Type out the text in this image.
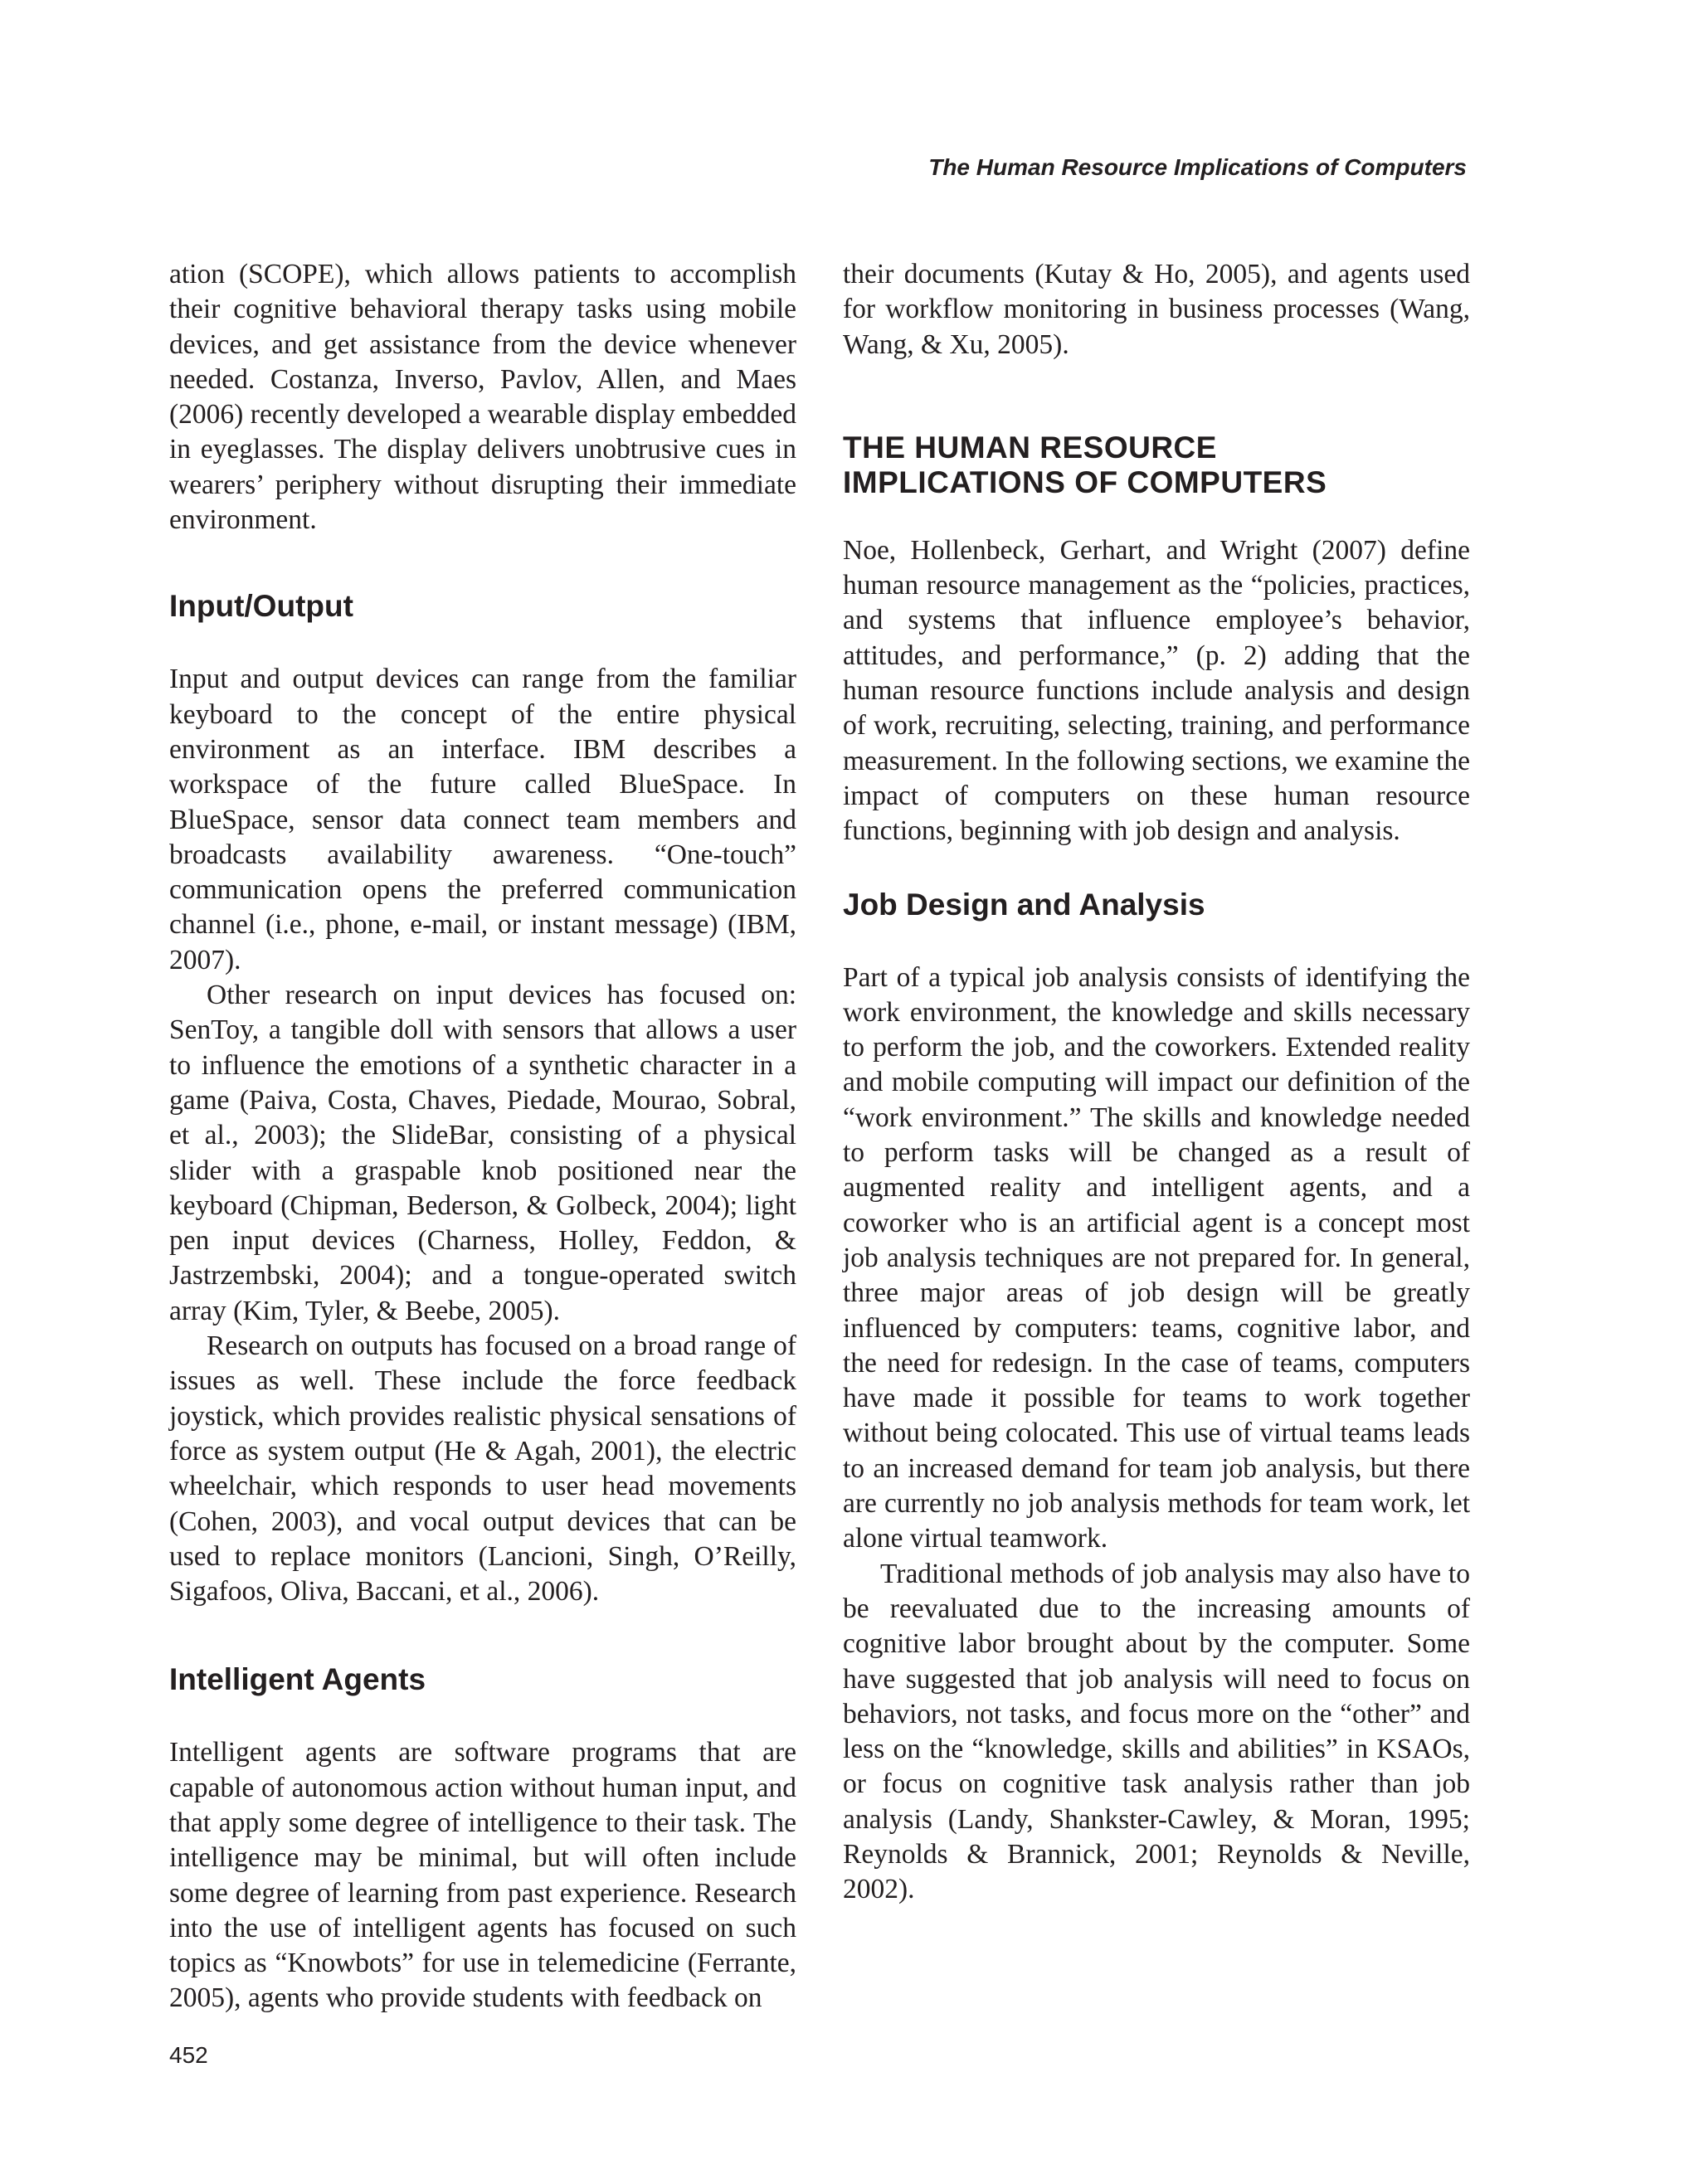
The Human Resource Implications of Computers

ation (SCOPE), which allows patients to accomplish their cognitive behavioral therapy tasks using mobile devices, and get assistance from the device whenever needed. Costanza, Inverso, Pavlov, Allen, and Maes (2006) recently developed a wearable display embedded in eyeglasses. The display delivers unobtrusive cues in wearers’ periphery without disrupting their immediate environment.

Input/Output

Input and output devices can range from the familiar keyboard to the concept of the entire physical environment as an interface. IBM describes a workspace of the future called BlueSpace. In BlueSpace, sensor data connect team members and broadcasts availability awareness. “One-touch” communication opens the preferred communication channel (i.e., phone, e-mail, or instant message) (IBM, 2007).

Other research on input devices has focused on: SenToy, a tangible doll with sensors that allows a user to influence the emotions of a synthetic character in a game (Paiva, Costa, Chaves, Piedade, Mourao, Sobral, et al., 2003); the SlideBar, consisting of a physical slider with a graspable knob positioned near the keyboard (Chipman, Bederson, & Golbeck, 2004); light pen input devices (Charness, Holley, Feddon, & Jastrzembski, 2004); and a tongue-operated switch array (Kim, Tyler, & Beebe, 2005).

Research on outputs has focused on a broad range of issues as well. These include the force feedback joystick, which provides realistic physical sensations of force as system output (He & Agah, 2001), the electric wheelchair, which responds to user head movements (Cohen, 2003), and vocal output devices that can be used to replace monitors (Lancioni, Singh, O’Reilly, Sigafoos, Oliva, Baccani, et al., 2006).

Intelligent Agents

Intelligent agents are software programs that are capable of autonomous action without human input, and that apply some degree of intelligence to their task. The intelligence may be minimal, but will often include some degree of learning from past experience. Research into the use of intelligent agents has focused on such topics as “Knowbots” for use in telemedicine (Ferrante, 2005), agents who provide students with feedback on

their documents (Kutay & Ho, 2005), and agents used for workflow monitoring in business processes (Wang, Wang, & Xu, 2005).

THE HUMAN RESOURCE
IMPLICATIONS OF COMPUTERS

Noe, Hollenbeck, Gerhart, and Wright (2007) define human resource management as the “policies, practices, and systems that influence employee’s behavior, attitudes, and performance,” (p. 2) adding that the human resource functions include analysis and design of work, recruiting, selecting, training, and performance measurement. In the following sections, we examine the impact of computers on these human resource functions, beginning with job design and analysis.

Job Design and Analysis

Part of a typical job analysis consists of identifying the work environment, the knowledge and skills necessary to perform the job, and the coworkers. Extended reality and mobile computing will impact our definition of the “work environment.” The skills and knowledge needed to perform tasks will be changed as a result of augmented reality and intelligent agents, and a coworker who is an artificial agent is a concept most job analysis techniques are not prepared for. In general, three major areas of job design will be greatly influenced by computers: teams, cognitive labor, and the need for redesign. In the case of teams, computers have made it possible for teams to work together without being colocated. This use of virtual teams leads to an increased demand for team job analysis, but there are currently no job analysis methods for team work, let alone virtual teamwork.

Traditional methods of job analysis may also have to be reevaluated due to the increasing amounts of cognitive labor brought about by the computer. Some have suggested that job analysis will need to focus on behaviors, not tasks, and focus more on the “other” and less on the “knowledge, skills and abilities” in KSAOs, or focus on cognitive task analysis rather than job analysis (Landy, Shankster-Cawley, & Moran, 1995; Reynolds & Brannick, 2001; Reynolds & Neville, 2002).

452
